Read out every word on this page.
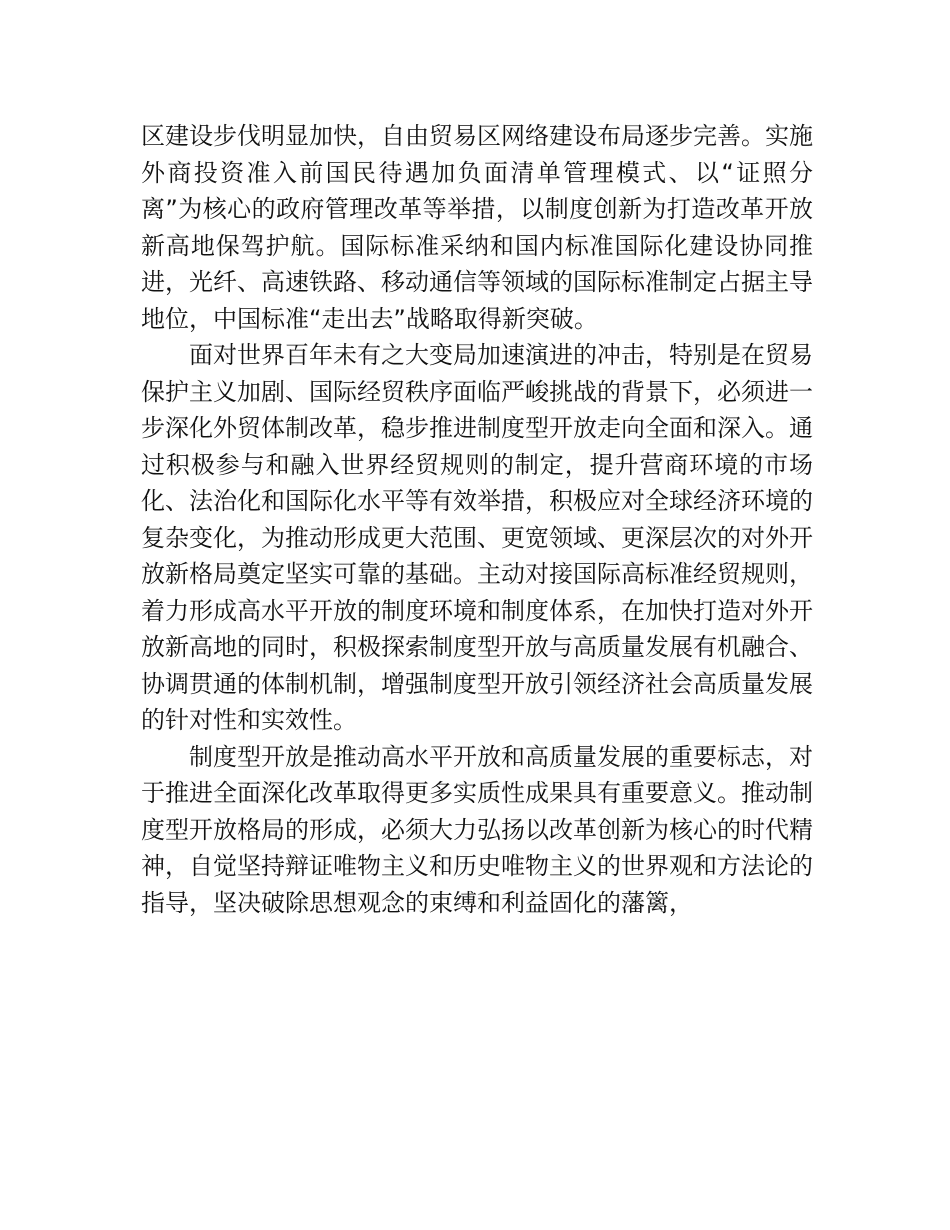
区建设步伐明显加快，自由贸易区网络建设布局逐步完善。实施外商投资准入前国民待遇加负面清单管理模式、以“证照分离”为核心的政府管理改革等举措，以制度创新为打造改革开放新高地保驾护航。国际标准采纳和国内标准国际化建设协同推进，光纤、高速铁路、移动通信等领域的国际标准制定占据主导地位，中国标准“走出去”战略取得新突破。

面对世界百年未有之大变局加速演进的冲击，特别是在贸易保护主义加剧、国际经贸秩序面临严峻挑战的背景下，必须进一步深化外贸体制改革，稳步推进制度型开放走向全面和深入。通过积极参与和融入世界经贸规则的制定，提升营商环境的市场化、法治化和国际化水平等有效举措，积极应对全球经济环境的复杂变化，为推动形成更大范围、更宽领域、更深层次的对外开放新格局奠定坚实可靠的基础。主动对接国际高标准经贸规则，着力形成高水平开放的制度环境和制度体系，在加快打造对外开放新高地的同时，积极探索制度型开放与高质量发展有机融合、协调贯通的体制机制，增强制度型开放引领经济社会高质量发展的针对性和实效性。

制度型开放是推动高水平开放和高质量发展的重要标志，对于推进全面深化改革取得更多实质性成果具有重要意义。推动制度型开放格局的形成，必须大力弘扬以改革创新为核心的时代精神，自觉坚持辩证唯物主义和历史唯物主义的世界观和方法论的指导，坚决破除思想观念的束缚和利益固化的藩篱，
